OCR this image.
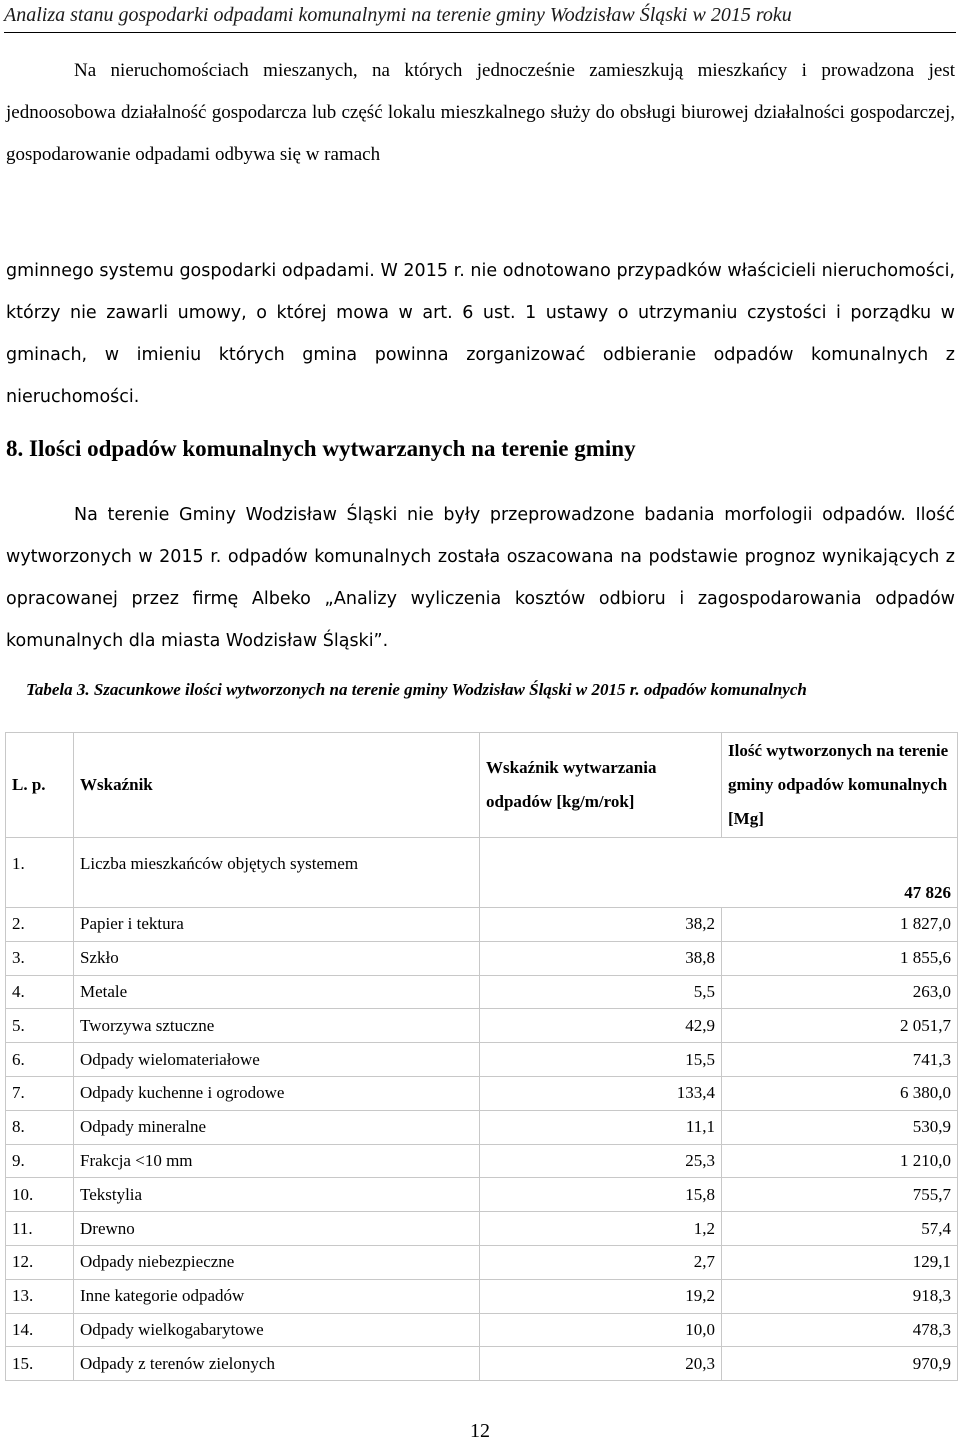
Analiza stanu gospodarki odpadami komunalnymi na terenie gminy Wodzisław Śląski w 2015 roku

Na nieruchomościach mieszanych, na których jednocześnie zamieszkują mieszkańcy i prowadzona jest jednoosobowa działalność gospodarcza lub część lokalu mieszkalnego służy do obsługi biurowej działalności gospodarczej, gospodarowanie odpadami odbywa się w ramach

gminnego systemu gospodarki odpadami. W 2015 r. nie odnotowano przypadków właścicieli nieruchomości, którzy nie zawarli umowy, o której mowa w art. 6 ust. 1 ustawy o utrzymaniu czystości i porządku w gminach, w imieniu których gmina powinna zorganizować odbieranie odpadów komunalnych z nieruchomości.

8. Ilości odpadów komunalnych wytwarzanych na terenie gminy

Na terenie Gminy Wodzisław Śląski nie były przeprowadzone badania morfologii odpadów. Ilość wytworzonych w 2015 r. odpadów komunalnych została oszacowana na podstawie prognoz wynikających z opracowanej przez firmę Albeko „Analizy wyliczenia kosztów odbioru i zagospodarowania odpadów komunalnych dla miasta Wodzisław Śląski”.

Tabela 3. Szacunkowe ilości wytworzonych na terenie gminy Wodzisław Śląski w 2015 r. odpadów komunalnych
L. p.	Wskaźnik	Wskaźnik wytwarzania odpadów [kg/m/rok]	Ilość wytworzonych na terenie gminy odpadów komunalnych [Mg]
1.	Liczba mieszkańców objętych systemem	47 826	
2.	Papier i tektura	38,2	1 827,0
3.	Szkło	38,8	1 855,6
4.	Metale	5,5	263,0
5.	Tworzywa sztuczne	42,9	2 051,7
6.	Odpady wielomateriałowe	15,5	741,3
7.	Odpady kuchenne i ogrodowe	133,4	6 380,0
8.	Odpady mineralne	11,1	530,9
9.	Frakcja <10 mm	25,3	1 210,0
10.	Tekstylia	15,8	755,7
11.	Drewno	1,2	57,4
12.	Odpady niebezpieczne	2,7	129,1
13.	Inne kategorie odpadów	19,2	918,3
14.	Odpady wielkogabarytowe	10,0	478,3
15.	Odpady z terenów zielonych	20,3	970,9
12
